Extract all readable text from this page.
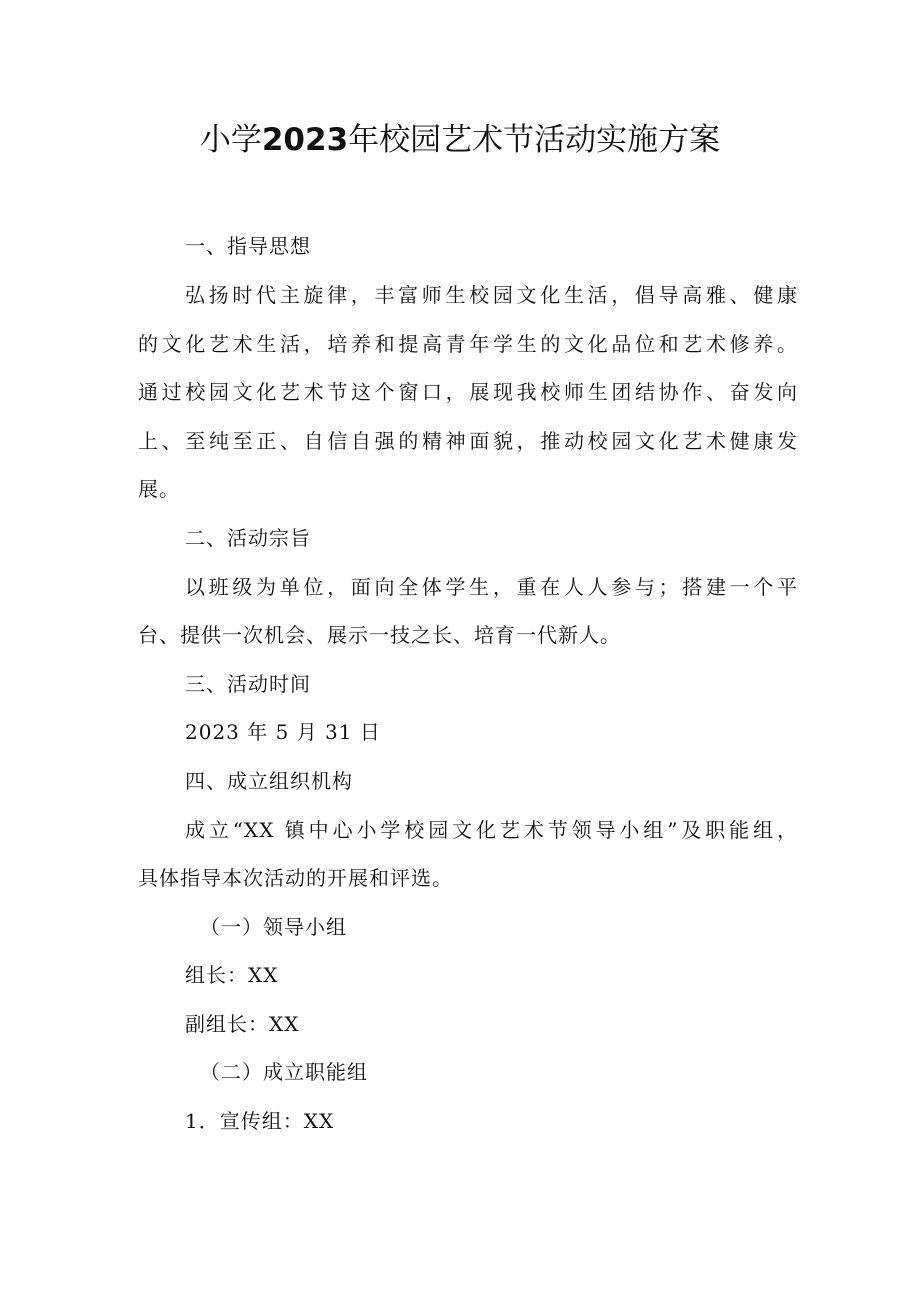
小学2023年校园艺术节活动实施方案

一、指导思想

弘扬时代主旋律，丰富师生校园文化生活，倡导高雅、健康

的文化艺术生活，培养和提高青年学生的文化品位和艺术修养。

通过校园文化艺术节这个窗口，展现我校师生团结协作、奋发向

上、至纯至正、自信自强的精神面貌，推动校园文化艺术健康发

展。

二、活动宗旨

以班级为单位，面向全体学生，重在人人参与；搭建一个平

台、提供一次机会、展示一技之长、培育一代新人。

三、活动时间

2023 年 5 月 31 日

四、成立组织机构

成立“XX 镇中心小学校园文化艺术节领导小组”及职能组，

具体指导本次活动的开展和评选。

（一）领导小组

组长：XX

副组长：XX

（二）成立职能组

1．宣传组：XX
